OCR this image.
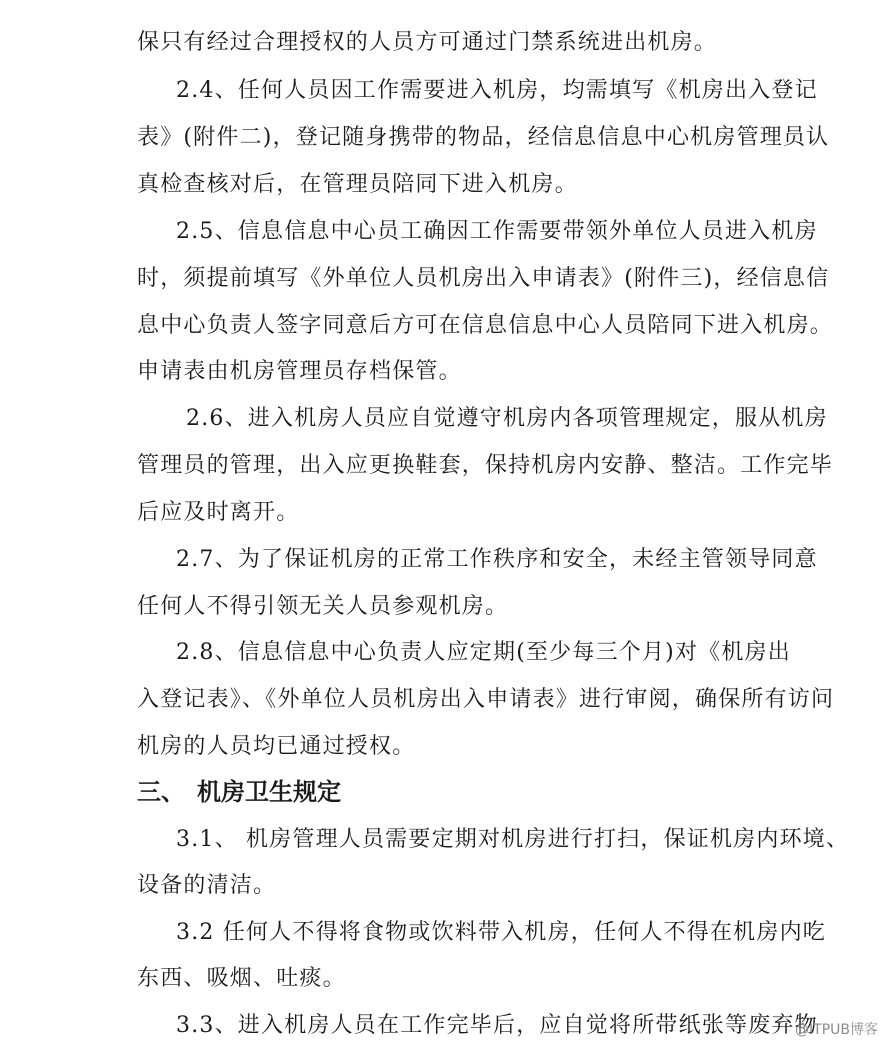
保只有经过合理授权的人员方可通过门禁系统进出机房。
2.4、任何人员因工作需要进入机房，均需填写《机房出入登记
表》(附件二)，登记随身携带的物品，经信息信息中心机房管理员认
真检查核对后，在管理员陪同下进入机房。
2.5、信息信息中心员工确因工作需要带领外单位人员进入机房
时，须提前填写《外单位人员机房出入申请表》(附件三)，经信息信
息中心负责人签字同意后方可在信息信息中心人员陪同下进入机房。
申请表由机房管理员存档保管。
2.6、进入机房人员应自觉遵守机房内各项管理规定，服从机房
管理员的管理，出入应更换鞋套，保持机房内安静、整洁。工作完毕
后应及时离开。
2.7、为了保证机房的正常工作秩序和安全，未经主管领导同意
任何人不得引领无关人员参观机房。
2.8、信息信息中心负责人应定期(至少每三个月)对《机房出
入登记表》、《外单位人员机房出入申请表》进行审阅，确保所有访问
机房的人员均已通过授权。
三、 机房卫生规定
3.1、 机房管理人员需要定期对机房进行打扫，保证机房内环境、
设备的清洁。
3.2 任何人不得将食物或饮料带入机房，任何人不得在机房内吃
东西、吸烟、吐痰。
3.3、进入机房人员在工作完毕后，应自觉将所带纸张等废弃物
@ITPUB博客
